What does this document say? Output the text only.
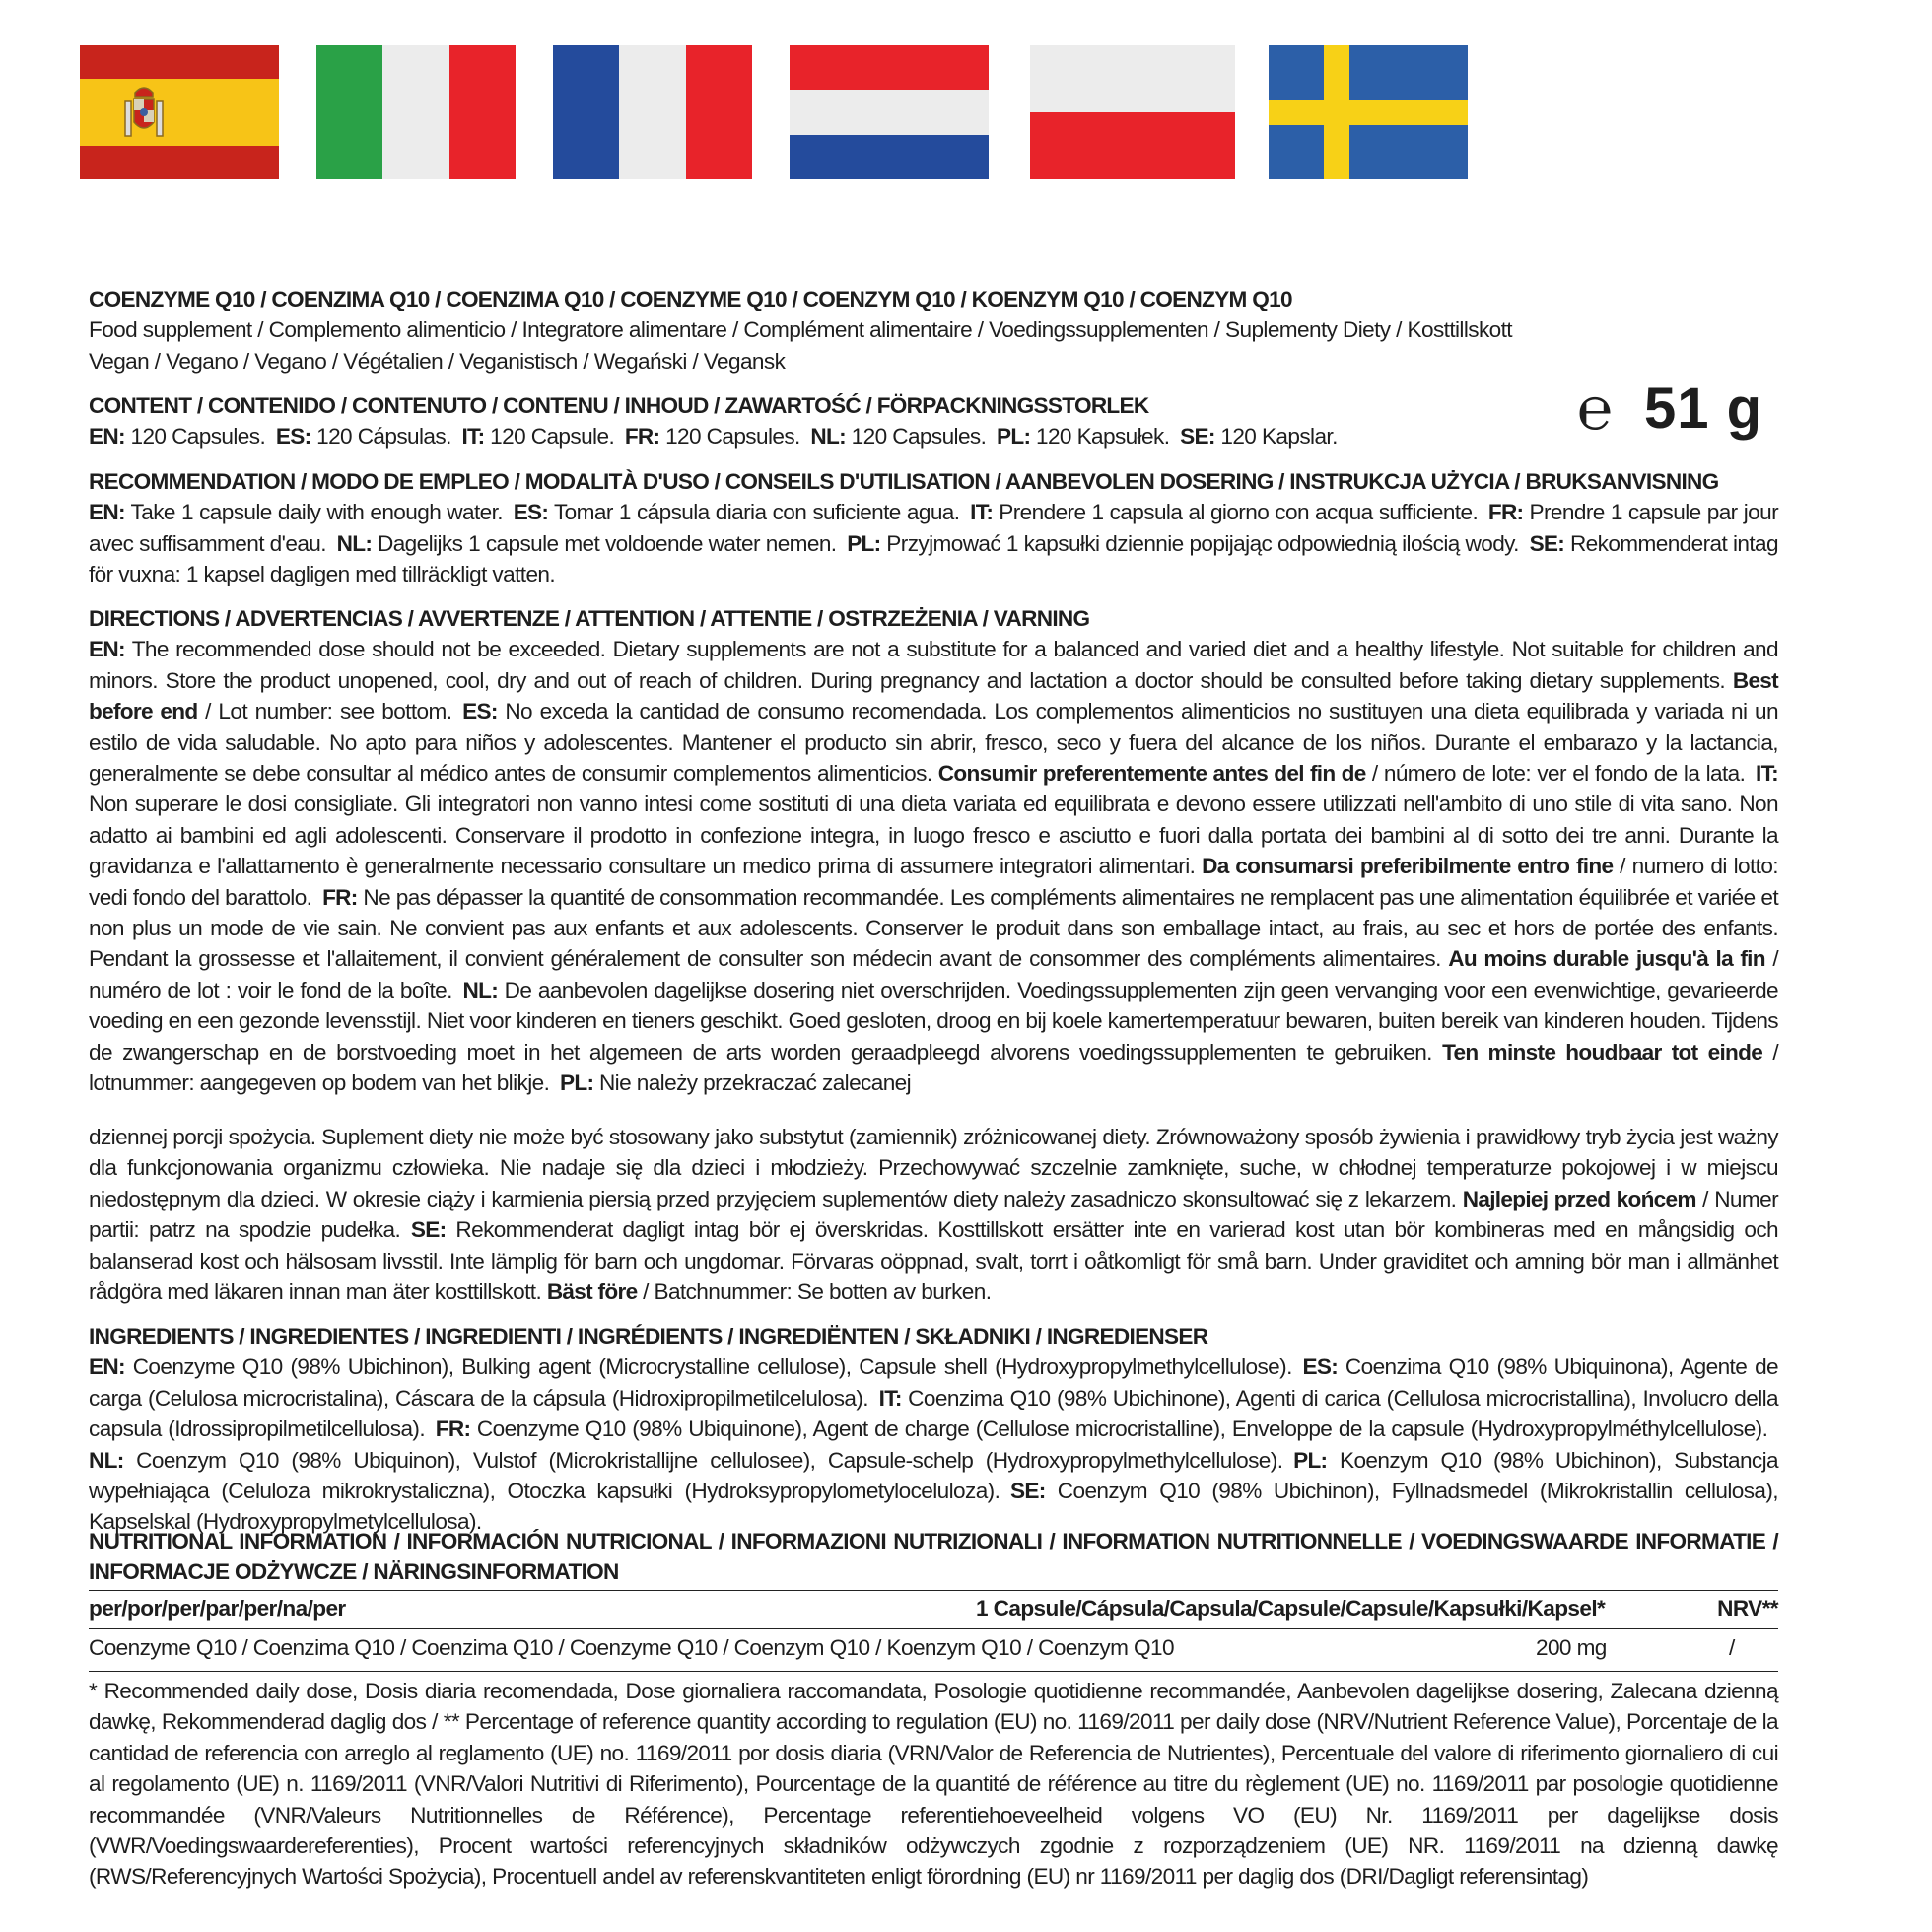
COENZYME Q10 / COENZIMA Q10 / COENZIMA Q10 / COENZYME Q10 / COENZYM Q10 / KOENZYM Q10 / COENZYM Q10
Food supplement / Complemento alimenticio / Integratore alimentare / Complément alimentaire / Voedingssupplementen / Suplementy Diety / Kosttillskott
Vegan / Vegano / Vegano / Végétalien / Veganistisch / Wegański / Vegansk
℮ 51 g
CONTENT / CONTENIDO / CONTENUTO / CONTENU / INHOUD / ZAWARTOŚĆ / FÖRPACKNINGSSTORLEK
EN: 120 Capsules.  ES: 120 Cápsulas.  IT: 120 Capsule.  FR: 120 Capsules.  NL: 120 Capsules.  PL: 120 Kapsułek.  SE: 120 Kapslar.
RECOMMENDATION / MODO DE EMPLEO / MODALITÀ D'USO / CONSEILS D'UTILISATION / AANBEVOLEN DOSERING / INSTRUKCJA UŻYCIA / BRUKSANVISNING
EN: Take 1 capsule daily with enough water.  ES: Tomar 1 cápsula diaria con suficiente agua.  IT: Prendere 1 capsula al giorno con acqua sufficiente.  FR: Prendre 1 capsule par jour avec suffisamment d'eau.  NL: Dagelijks 1 capsule met voldoende water nemen.  PL: Przyjmować 1 kapsułki dziennie popijając odpowiednią ilością wody.  SE: Rekommenderat intag för vuxna: 1 kapsel dagligen med tillräckligt vatten.
DIRECTIONS / ADVERTENCIAS / AVVERTENZE / ATTENTION / ATTENTIE / OSTRZEŻENIA / VARNING
EN: The recommended dose should not be exceeded. Dietary supplements are not a substitute for a balanced and varied diet and a healthy lifestyle. Not suitable for children and minors. Store the product unopened, cool, dry and out of reach of children. During pregnancy and lactation a doctor should be consulted before taking dietary supplements. Best before end / Lot number: see bottom.  ES: No exceda la cantidad de consumo recomendada. Los complementos alimenticios no sustituyen una dieta equilibrada y variada ni un estilo de vida saludable. No apto para niños y adolescentes. Mantener el producto sin abrir, fresco, seco y fuera del alcance de los niños. Durante el embarazo y la lactancia, generalmente se debe consultar al médico antes de consumir complementos alimenticios. Consumir preferentemente antes del fin de / número de lote: ver el fondo de la lata.  IT: Non superare le dosi consigliate. Gli integratori non vanno intesi come sostituti di una dieta variata ed equilibrata e devono essere utilizzati nell'ambito di uno stile di vita sano. Non adatto ai bambini ed agli adolescenti. Conservare il prodotto in confezione integra, in luogo fresco e asciutto e fuori dalla portata dei bambini al di sotto dei tre anni. Durante la gravidanza e l'allattamento è generalmente necessario consultare un medico prima di assumere integratori alimentari. Da consumarsi preferibilmente entro fine / numero di lotto: vedi fondo del barattolo.  FR: Ne pas dépasser la quantité de consommation recommandée. Les compléments alimentaires ne remplacent pas une alimentation équilibrée et variée et non plus un mode de vie sain. Ne convient pas aux enfants et aux adolescents. Conserver le produit dans son emballage intact, au frais, au sec et hors de portée des enfants. Pendant la grossesse et l'allaitement, il convient généralement de consulter son médecin avant de consommer des compléments alimentaires. Au moins durable jusqu'à la fin / numéro de lot : voir le fond de la boîte.  NL: De aanbevolen dagelijkse dosering niet overschrijden. Voedingssupplementen zijn geen vervanging voor een evenwichtige, gevarieerde voeding en een gezonde levensstijl. Niet voor kinderen en tieners geschikt. Goed gesloten, droog en bij koele kamertemperatuur bewaren, buiten bereik van kinderen houden. Tijdens de zwangerschap en de borstvoeding moet in het algemeen de arts worden geraadpleegd alvorens voedingssupplementen te gebruiken. Ten minste houdbaar tot einde / lotnummer: aangegeven op bodem van het blikje.  PL: Nie należy przekraczać zalecanej
dziennej porcji spożycia. Suplement diety nie może być stosowany jako substytut (zamiennik) zróżnicowanej diety. Zrównoważony sposób żywienia i prawidłowy tryb życia jest ważny dla funkcjonowania organizmu człowieka. Nie nadaje się dla dzieci i młodzieży. Przechowywać szczelnie zamknięte, suche, w chłodnej temperaturze pokojowej i w miejscu niedostępnym dla dzieci. W okresie ciąży i karmienia piersią przed przyjęciem suplementów diety należy zasadniczo skonsultować się z lekarzem. Najlepiej przed końcem / Numer partii: patrz na spodzie pudełka.  SE: Rekommenderat dagligt intag bör ej överskridas. Kosttillskott ersätter inte en varierad kost utan bör kombineras med en mångsidig och balanserad kost och hälsosam livsstil. Inte lämplig för barn och ungdomar. Förvaras oöppnad, svalt, torrt i oåtkomligt för små barn. Under graviditet och amning bör man i allmänhet rådgöra med läkaren innan man äter kosttillskott. Bäst före / Batchnummer: Se botten av burken.
INGREDIENTS / INGREDIENTES / INGREDIENTI / INGRÉDIENTS / INGREDIËNTEN / SKŁADNIKI / INGREDIENSER
EN: Coenzyme Q10 (98% Ubichinon), Bulking agent (Microcrystalline cellulose), Capsule shell (Hydroxypropylmethylcellulose).  ES: Coenzima Q10 (98% Ubiquinona), Agente de carga (Celulosa microcristalina), Cáscara de la cápsula (Hidroxipropilmetilcelulosa).  IT: Coenzima Q10 (98% Ubichinone), Agenti di carica (Cellulosa microcristallina), Involucro della capsula (Idrossipropilmetilcellulosa).  FR: Coenzyme Q10 (98% Ubiquinone), Agent de charge (Cellulose microcristalline), Enveloppe de la capsule (Hydroxypropylméthylcellulose). NL: Coenzym Q10 (98% Ubiquinon), Vulstof (Microkristallijne cellulosee), Capsule-schelp (Hydroxypropylmethylcellulose).  PL: Koenzym Q10 (98% Ubichinon), Substancja wypełniająca (Celuloza mikrokrystaliczna), Otoczka kapsułki (Hydroksypropylometyloceluloza).  SE: Coenzym Q10 (98% Ubichinon), Fyllnadsmedel (Mikrokristallin cellulosa), Kapselskal (Hydroxypropylmetylcellulosa).
NUTRITIONAL INFORMATION / INFORMACIÓN NUTRICIONAL / INFORMAZIONI NUTRIZIONALI / INFORMATION NUTRITIONNELLE / VOEDINGSWAARDE INFORMATIE / INFORMACJE ODŻYWCZE / NÄRINGSINFORMATION
per/por/per/par/per/na/per	1 Capsule/Cápsula/Capsula/Capsule/Capsule/Kapsułki/Kapsel*	NRV**
Coenzyme Q10 / Coenzima Q10 / Coenzima Q10 / Coenzyme Q10 / Coenzym Q10 / Koenzym Q10 / Coenzym Q10	200 mg	/
* Recommended daily dose, Dosis diaria recomendada, Dose giornaliera raccomandata, Posologie quotidienne recommandée, Aanbevolen dagelijkse dosering, Zalecana dzienną dawkę, Rekommenderad daglig dos / ** Percentage of reference quantity according to regulation (EU) no. 1169/2011 per daily dose (NRV/Nutrient Reference Value), Porcentaje de la cantidad de referencia con arreglo al reglamento (UE) no. 1169/2011 por dosis diaria (VRN/Valor de Referencia de Nutrientes), Percentuale del valore di riferimento giornaliero di cui al regolamento (UE) n. 1169/2011 (VNR/Valori Nutritivi di Riferimento), Pourcentage de la quantité de référence au titre du règlement (UE) no. 1169/2011 par posologie quotidienne recommandée (VNR/Valeurs Nutritionnelles de Référence), Percentage referentiehoeveelheid volgens VO (EU) Nr. 1169/2011 per dagelijkse dosis (VWR/Voedingswaardereferenties), Procent wartości referencyjnych składników odżywczych zgodnie z rozporządzeniem (UE) NR. 1169/2011 na dzienną dawkę (RWS/Referencyjnych Wartości Spożycia), Procentuell andel av referenskvantiteten enligt förordning (EU) nr 1169/2011 per daglig dos (DRI/Dagligt referensintag)
